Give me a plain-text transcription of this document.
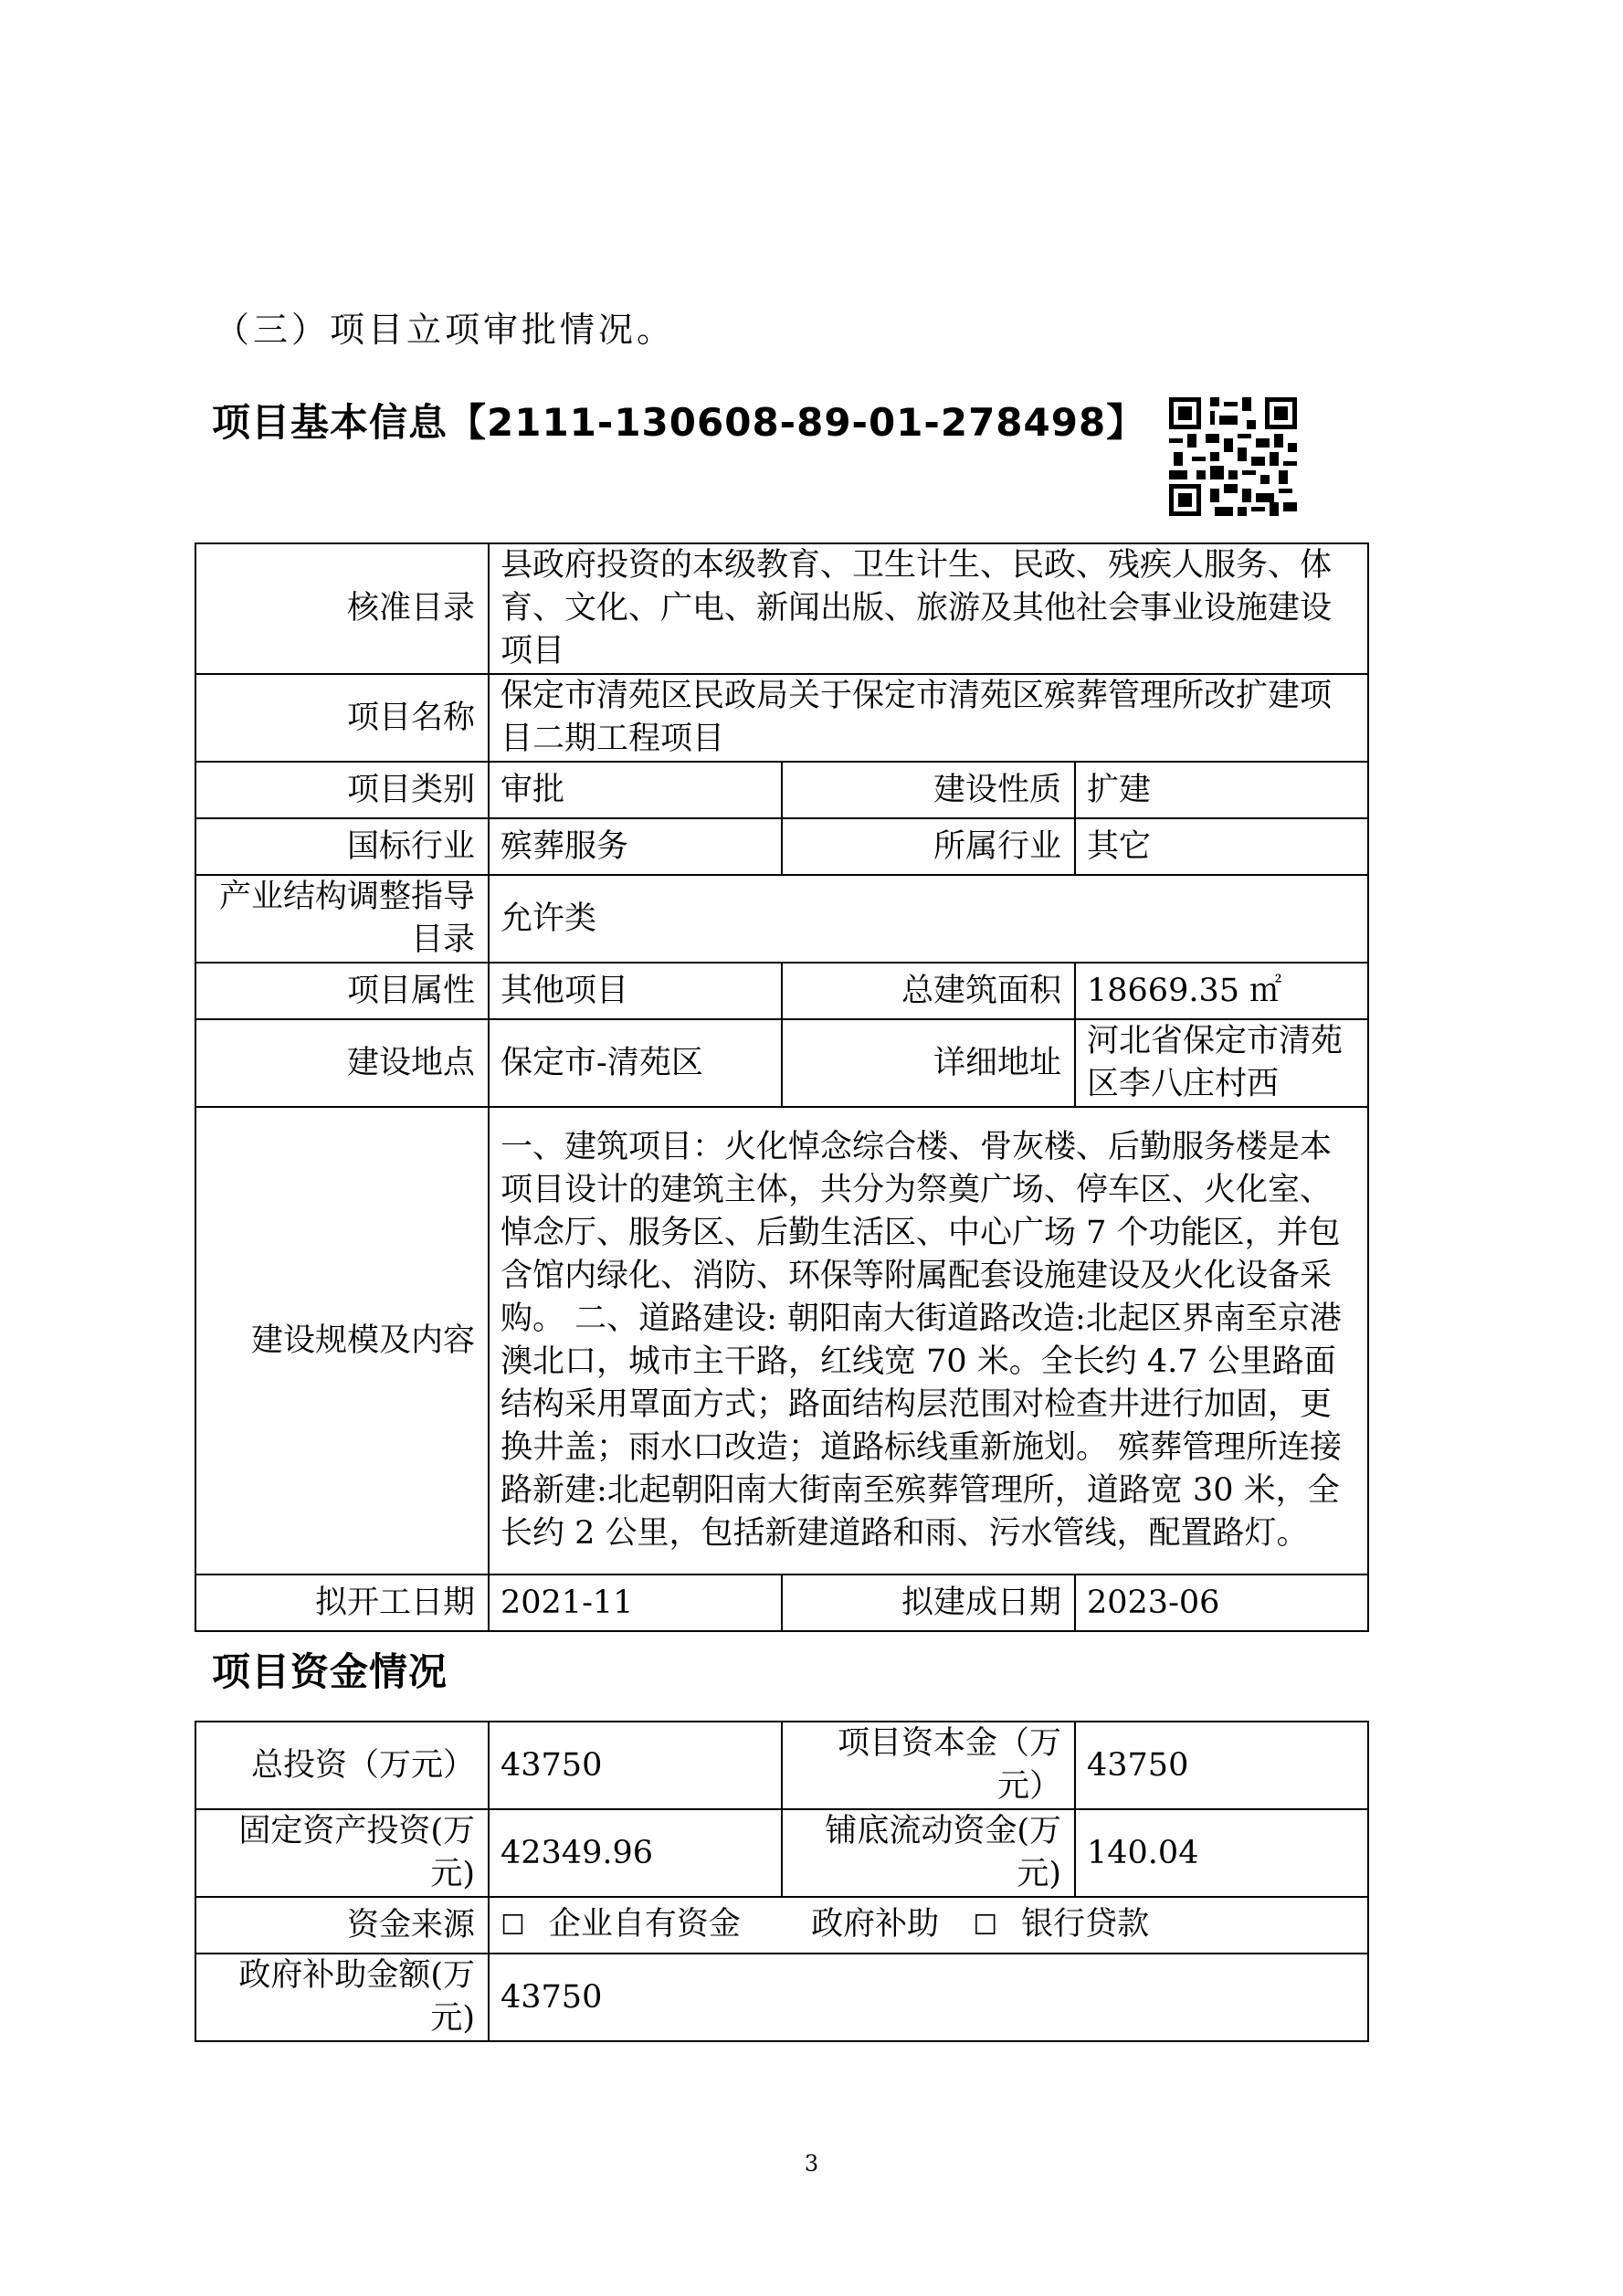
（三）项目立项审批情况。
项目基本信息【2111-130608-89-01-278498】
核准目录	县政府投资的本级教育、卫生计生、民政、残疾人服务、体育、文化、广电、新闻出版、旅游及其他社会事业设施建设项目		
项目名称	保定市清苑区民政局关于保定市清苑区殡葬管理所改扩建项目二期工程项目		
项目类别	审批	建设性质	扩建
国标行业	殡葬服务	所属行业	其它
产业结构调整指导目录	允许类		
项目属性	其他项目	总建筑面积	18669.35 ㎡
建设地点	保定市-清苑区	详细地址	河北省保定市清苑区李八庄村西
建设规模及内容	一、建筑项目：火化悼念综合楼、骨灰楼、后勤服务楼是本项目设计的建筑主体，共分为祭奠广场、停车区、火化室、悼念厅、服务区、后勤生活区、中心广场 7 个功能区，并包含馆内绿化、消防、环保等附属配套设施建设及火化设备采购。 二、道路建设: 朝阳南大街道路改造:北起区界南至京港澳北口，城市主干路，红线宽 70 米。全长约 4.7 公里路面结构采用罩面方式；路面结构层范围对检查井进行加固，更换井盖；雨水口改造；道路标线重新施划。 殡葬管理所连接路新建:北起朝阳南大街南至殡葬管理所，道路宽 30 米，全长约 2 公里，包括新建道路和雨、污水管线，配置路灯。		
拟开工日期	2021-11	拟建成日期	2023-06
项目资金情况
总投资（万元）	43750	项目资本金（万元）	43750
固定资产投资(万元)	42349.96	铺底流动资金(万元)	140.04
资金来源	☐ 企业自有资金 政府补助 ☐ 银行贷款		
政府补助金额(万元)	43750		
3
